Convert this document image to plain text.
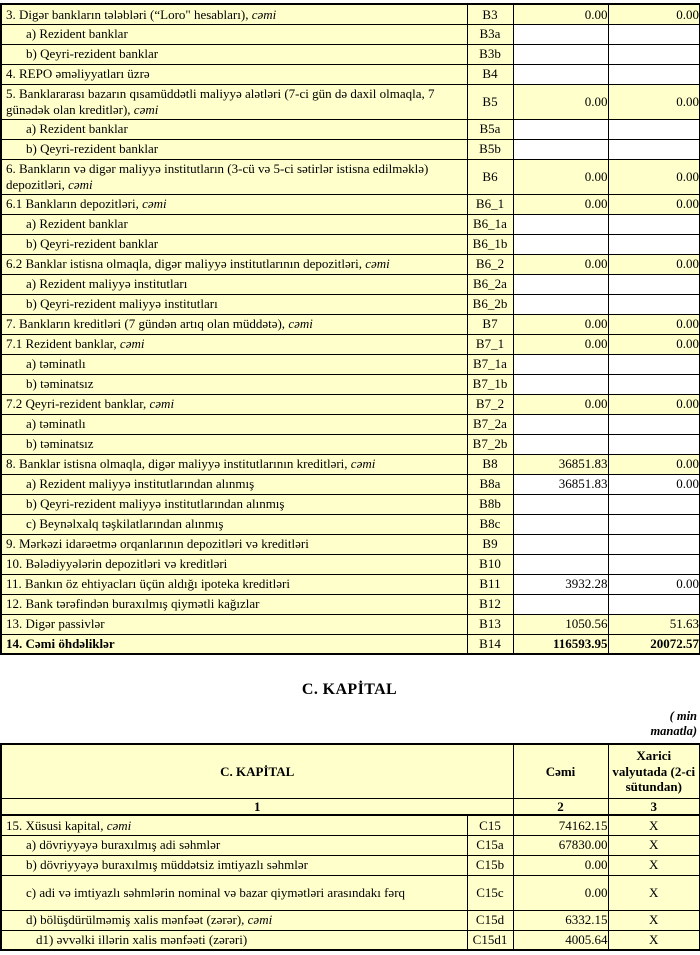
3. Digər bankların tələbləri (“Loro" hesabları), cəmi	B3	0.00	0.00
a) Rezident banklar	B3a		
b) Qeyri-rezident banklar	B3b		
4. REPO əməliyyatları üzrə	B4		
5. Banklararası bazarın qısamüddətli maliyyə alətləri (7-ci gün də daxil olmaqla, 7 günədək olan kreditlər), cəmi	B5	0.00	0.00
a) Rezident banklar	B5a		
b) Qeyri-rezident banklar	B5b		
6. Bankların və digər maliyyə institutların (3-cü və 5-ci sətirlər istisna edilməklə) depozitləri, cəmi	B6	0.00	0.00
6.1 Bankların depozitləri, cəmi	B6_1	0.00	0.00
a) Rezident banklar	B6_1a		
b) Qeyri-rezident banklar	B6_1b		
6.2 Banklar istisna olmaqla, digər maliyyə institutlarının depozitləri, cəmi	B6_2	0.00	0.00
a) Rezident maliyyə institutları	B6_2a		
b) Qeyri-rezident maliyyə institutları	B6_2b		
7. Bankların kreditləri (7 gündən artıq olan müddətə), cəmi	B7	0.00	0.00
7.1 Rezident banklar, cəmi	B7_1	0.00	0.00
a) təminatlı	B7_1a		
b) təminatsız	B7_1b		
7.2 Qeyri-rezident banklar, cəmi	B7_2	0.00	0.00
a) təminatlı	B7_2a		
b) təminatsız	B7_2b		
8. Banklar istisna olmaqla, digər maliyyə institutlarının kreditləri, cəmi	B8	36851.83	0.00
a) Rezident maliyyə institutlarından alınmış	B8a	36851.83	0.00
b) Qeyri-rezident maliyyə institutlarından alınmış	B8b		
c) Beynəlxalq təşkilatlarından alınmış	B8c		
9. Mərkəzi idarəetmə orqanlarının depozitləri və kreditləri	B9		
10. Bələdiyyələrin depozitləri və kreditləri	B10		
11. Bankın öz ehtiyacları üçün aldığı ipoteka kreditləri	B11	3932.28	0.00
12. Bank tərəfindən buraxılmış qiymətli kağızlar	B12		
13. Digər passivlər	B13	1050.56	51.63
14. Cəmi öhdəliklər	B14	116593.95	20072.57
C. KAPİTAL
( min
manatla)
C. KAPİTAL		Cəmi	Xarici valyutada (2-ci sütundan)
1		2	3
15. Xüsusi kapital, cəmi	C15	74162.15	X
a) dövriyyəyə buraxılmış adi səhmlər	C15a	67830.00	X
b) dövriyyəyə buraxılmış müddətsiz imtiyazlı səhmlər	C15b	0.00	X
c) adi və imtiyazlı səhmlərin nominal və bazar qiymətləri arasındakı fərq	C15c	0.00	X
d) bölüşdürülməmiş xalis mənfəət (zərər), cəmi	C15d	6332.15	X
d1) əvvəlki illərin xalis mənfəəti (zərəri)	C15d1	4005.64	X
